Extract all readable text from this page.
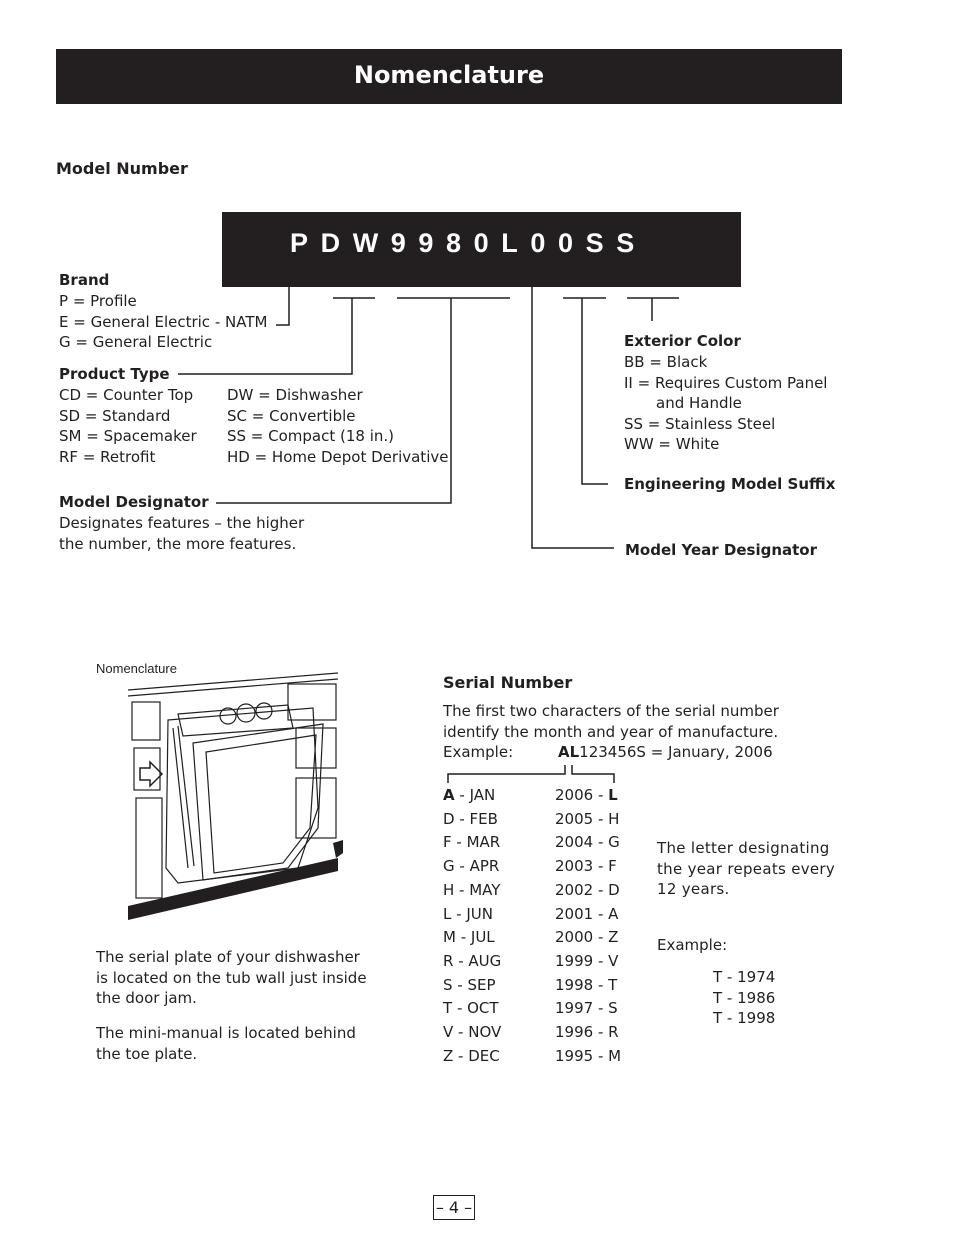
Nomenclature
Model Number
PDW9980L00SS
Brand
P = Profile
E = General Electric - NATM
G = General Electric
Product Type
CD = Counter Top
SD = Standard
SM = Spacemaker
RF = Retrofit
DW = Dishwasher
SC = Convertible
SS = Compact (18 in.)
HD = Home Depot Derivative
Model Designator
Designates features – the higher
the number, the more features.
Exterior Color
BB = Black
II = Requires Custom Panel
and Handle
SS = Stainless Steel
WW = White
Engineering Model Suffix
Model Year Designator
Nomenclature
The serial plate of your dishwasher
is located on the tub wall just inside
the door jam.
The mini-manual is located behind
the toe plate.
Serial Number
The first two characters of the serial number
identify the month and year of manufacture.
Example:	AL123456S = January, 2006
A - JAN
D - FEB
F - MAR
G - APR
H - MAY
L - JUN
M - JUL
R - AUG
S - SEP
T - OCT
V - NOV
Z - DEC
2006 - L
2005 - H
2004 - G
2003 - F
2002 - D
2001 - A
2000 - Z
1999 - V
1998 - T
1997 - S
1996 - R
1995 - M
The letter designating
the year repeats every
12 years.
Example:
T - 1974
T - 1986
T - 1998
– 4 –
